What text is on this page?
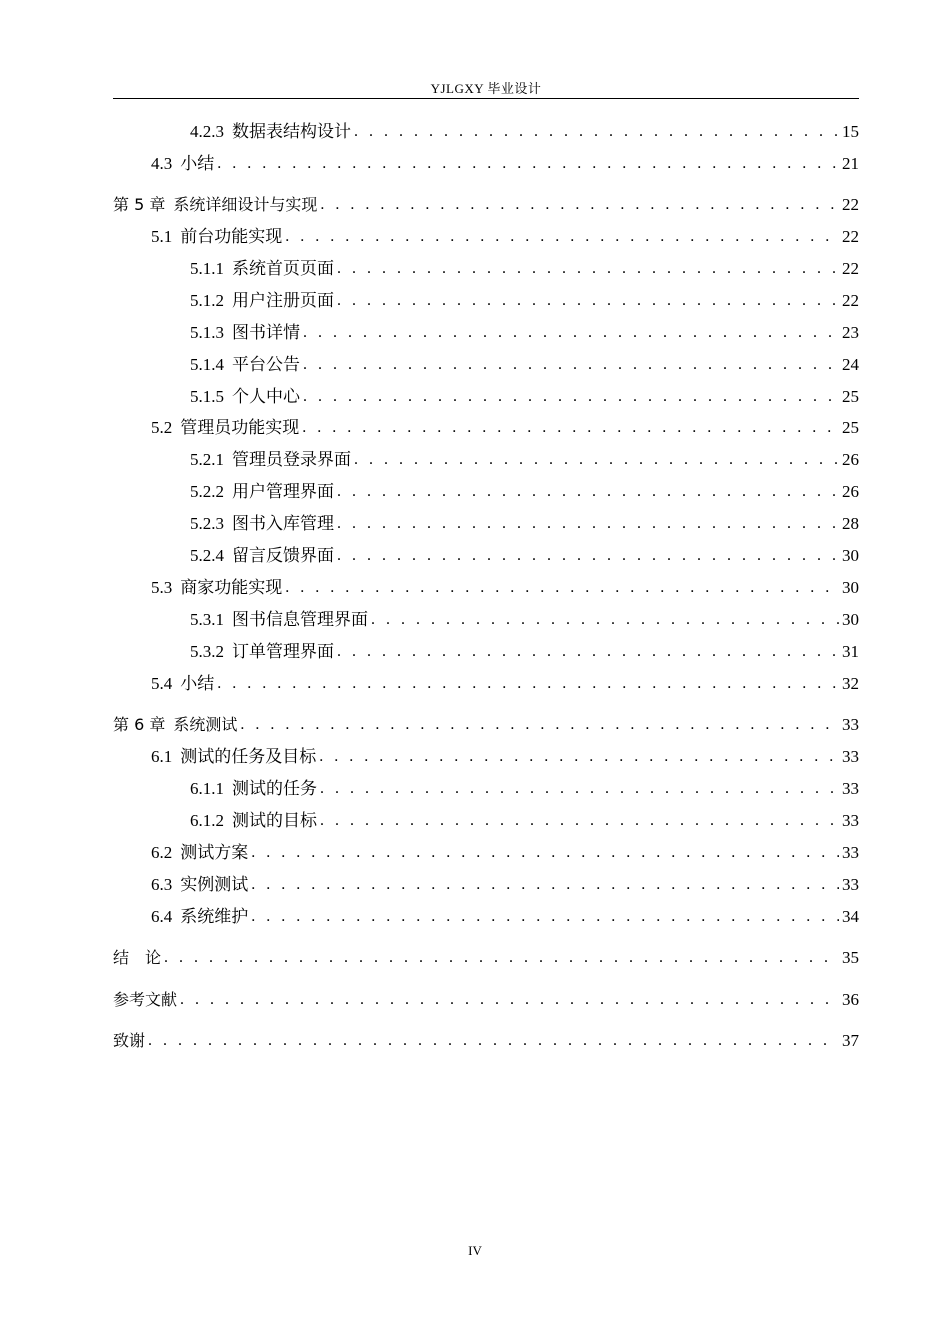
YJLGXY 毕业设计
4.2.3 数据表结构设计 . . .	15
4.3 小结 . . .	21
第 5 章 系统详细设计与实现 . . .	22
5.1 前台功能实现 . . .	22
5.1.1 系统首页页面 . . .	22
5.1.2 用户注册页面 . . .	22
5.1.3 图书详情 . . .	23
5.1.4 平台公告 . . .	24
5.1.5 个人中心 . . .	25
5.2 管理员功能实现 . . .	25
5.2.1 管理员登录界面 . . .	26
5.2.2 用户管理界面 . . .	26
5.2.3 图书入库管理 . . .	28
5.2.4 留言反馈界面 . . .	30
5.3 商家功能实现 . . .	30
5.3.1 图书信息管理界面 . . .	30
5.3.2 订单管理界面 . . .	31
5.4 小结 . . .	32
第 6 章 系统测试 . . .	33
6.1 测试的任务及目标 . . .	33
6.1.1 测试的任务 . . .	33
6.1.2 测试的目标 . . .	33
6.2 测试方案 . . .	33
6.3 实例测试 . . .	33
6.4 系统维护 . . .	34
结　论 . . .	35
参考文献 . . .	36
致谢 . . .	37
IV
